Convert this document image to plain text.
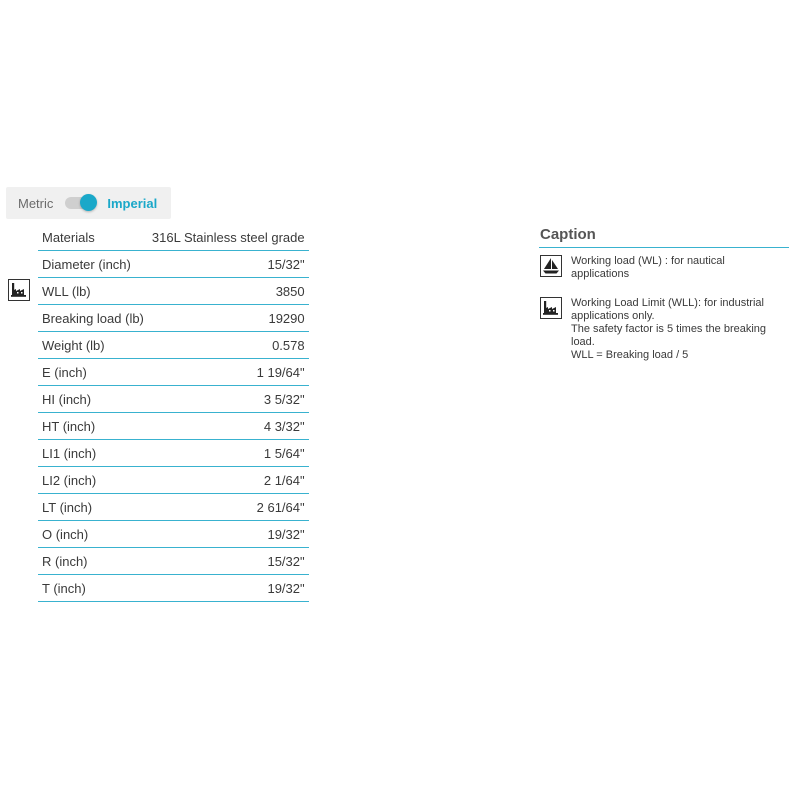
Metric	Imperial
Materials	316L Stainless steel grade
Diameter (inch)	15/32"
WLL (lb)	3850
Breaking load (lb)	19290
Weight (lb)	0.578
E (inch)	1 19/64"
HI (inch)	3 5/32"
HT (inch)	4 3/32"
LI1 (inch)	1 5/64"
LI2 (inch)	2 1/64"
LT (inch)	2 61/64"
O (inch)	19/32"
R (inch)	15/32"
T (inch)	19/32"
Caption
Working load (WL) : for nautical
applications
Working Load Limit (WLL): for industrial
applications only.
The safety factor is 5 times the breaking
load.
WLL = Breaking load / 5
